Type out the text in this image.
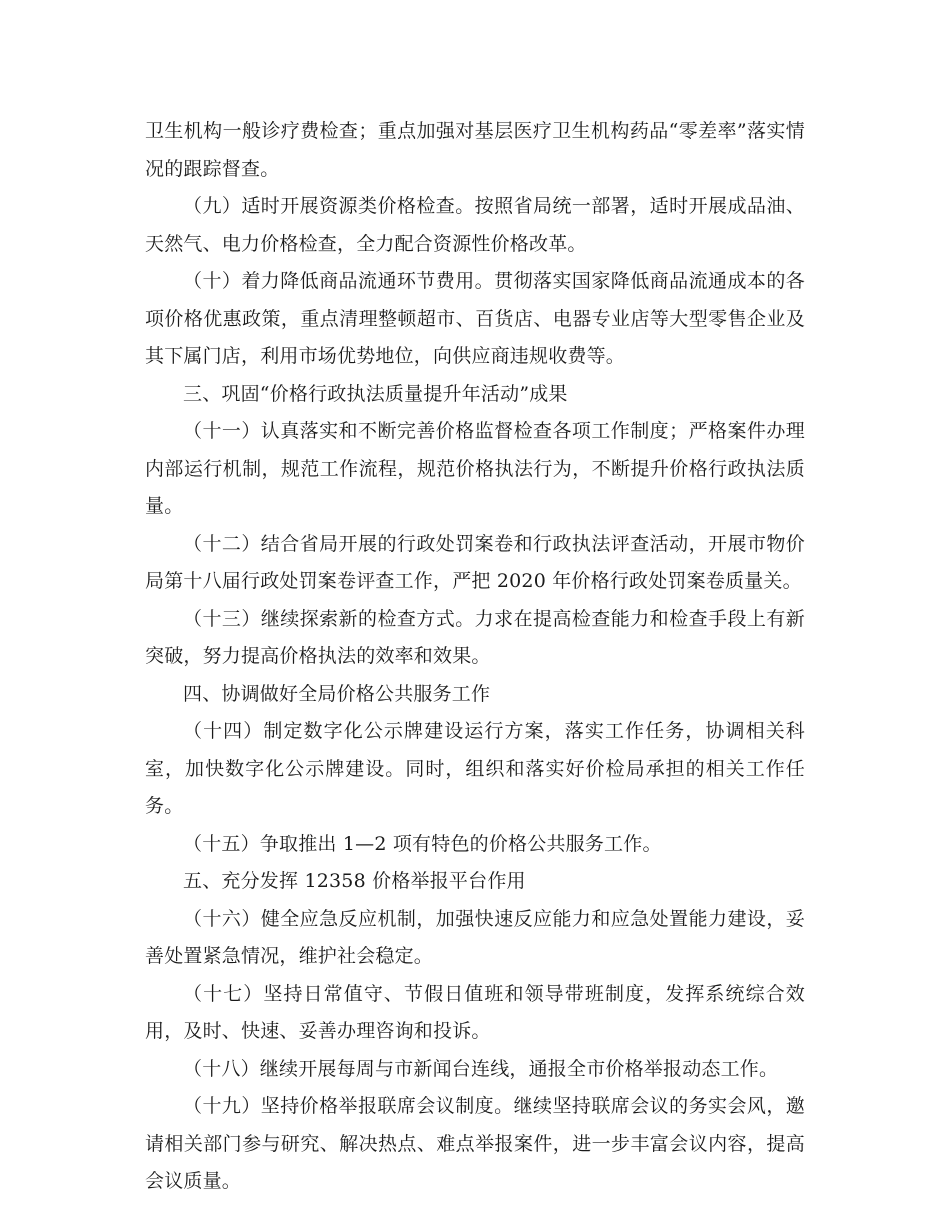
卫生机构一般诊疗费检查；重点加强对基层医疗卫生机构药品“零差率”落实情况的跟踪督查。

（九）适时开展资源类价格检查。按照省局统一部署，适时开展成品油、天然气、电力价格检查，全力配合资源性价格改革。

（十）着力降低商品流通环节费用。贯彻落实国家降低商品流通成本的各项价格优惠政策，重点清理整顿超市、百货店、电器专业店等大型零售企业及其下属门店，利用市场优势地位，向供应商违规收费等。

三、巩固“价格行政执法质量提升年活动”成果

（十一）认真落实和不断完善价格监督检查各项工作制度；严格案件办理内部运行机制，规范工作流程，规范价格执法行为，不断提升价格行政执法质量。

（十二）结合省局开展的行政处罚案卷和行政执法评查活动，开展市物价局第十八届行政处罚案卷评查工作，严把 2020 年价格行政处罚案卷质量关。

（十三）继续探索新的检查方式。力求在提高检查能力和检查手段上有新突破，努力提高价格执法的效率和效果。

四、协调做好全局价格公共服务工作

（十四）制定数字化公示牌建设运行方案，落实工作任务，协调相关科室，加快数字化公示牌建设。同时，组织和落实好价检局承担的相关工作任务。

（十五）争取推出 1—2 项有特色的价格公共服务工作。

五、充分发挥 12358 价格举报平台作用

（十六）健全应急反应机制，加强快速反应能力和应急处置能力建设，妥善处置紧急情况，维护社会稳定。

（十七）坚持日常值守、节假日值班和领导带班制度，发挥系统综合效用，及时、快速、妥善办理咨询和投诉。

（十八）继续开展每周与市新闻台连线，通报全市价格举报动态工作。

（十九）坚持价格举报联席会议制度。继续坚持联席会议的务实会风，邀请相关部门参与研究、解决热点、难点举报案件，进一步丰富会议内容，提高会议质量。
